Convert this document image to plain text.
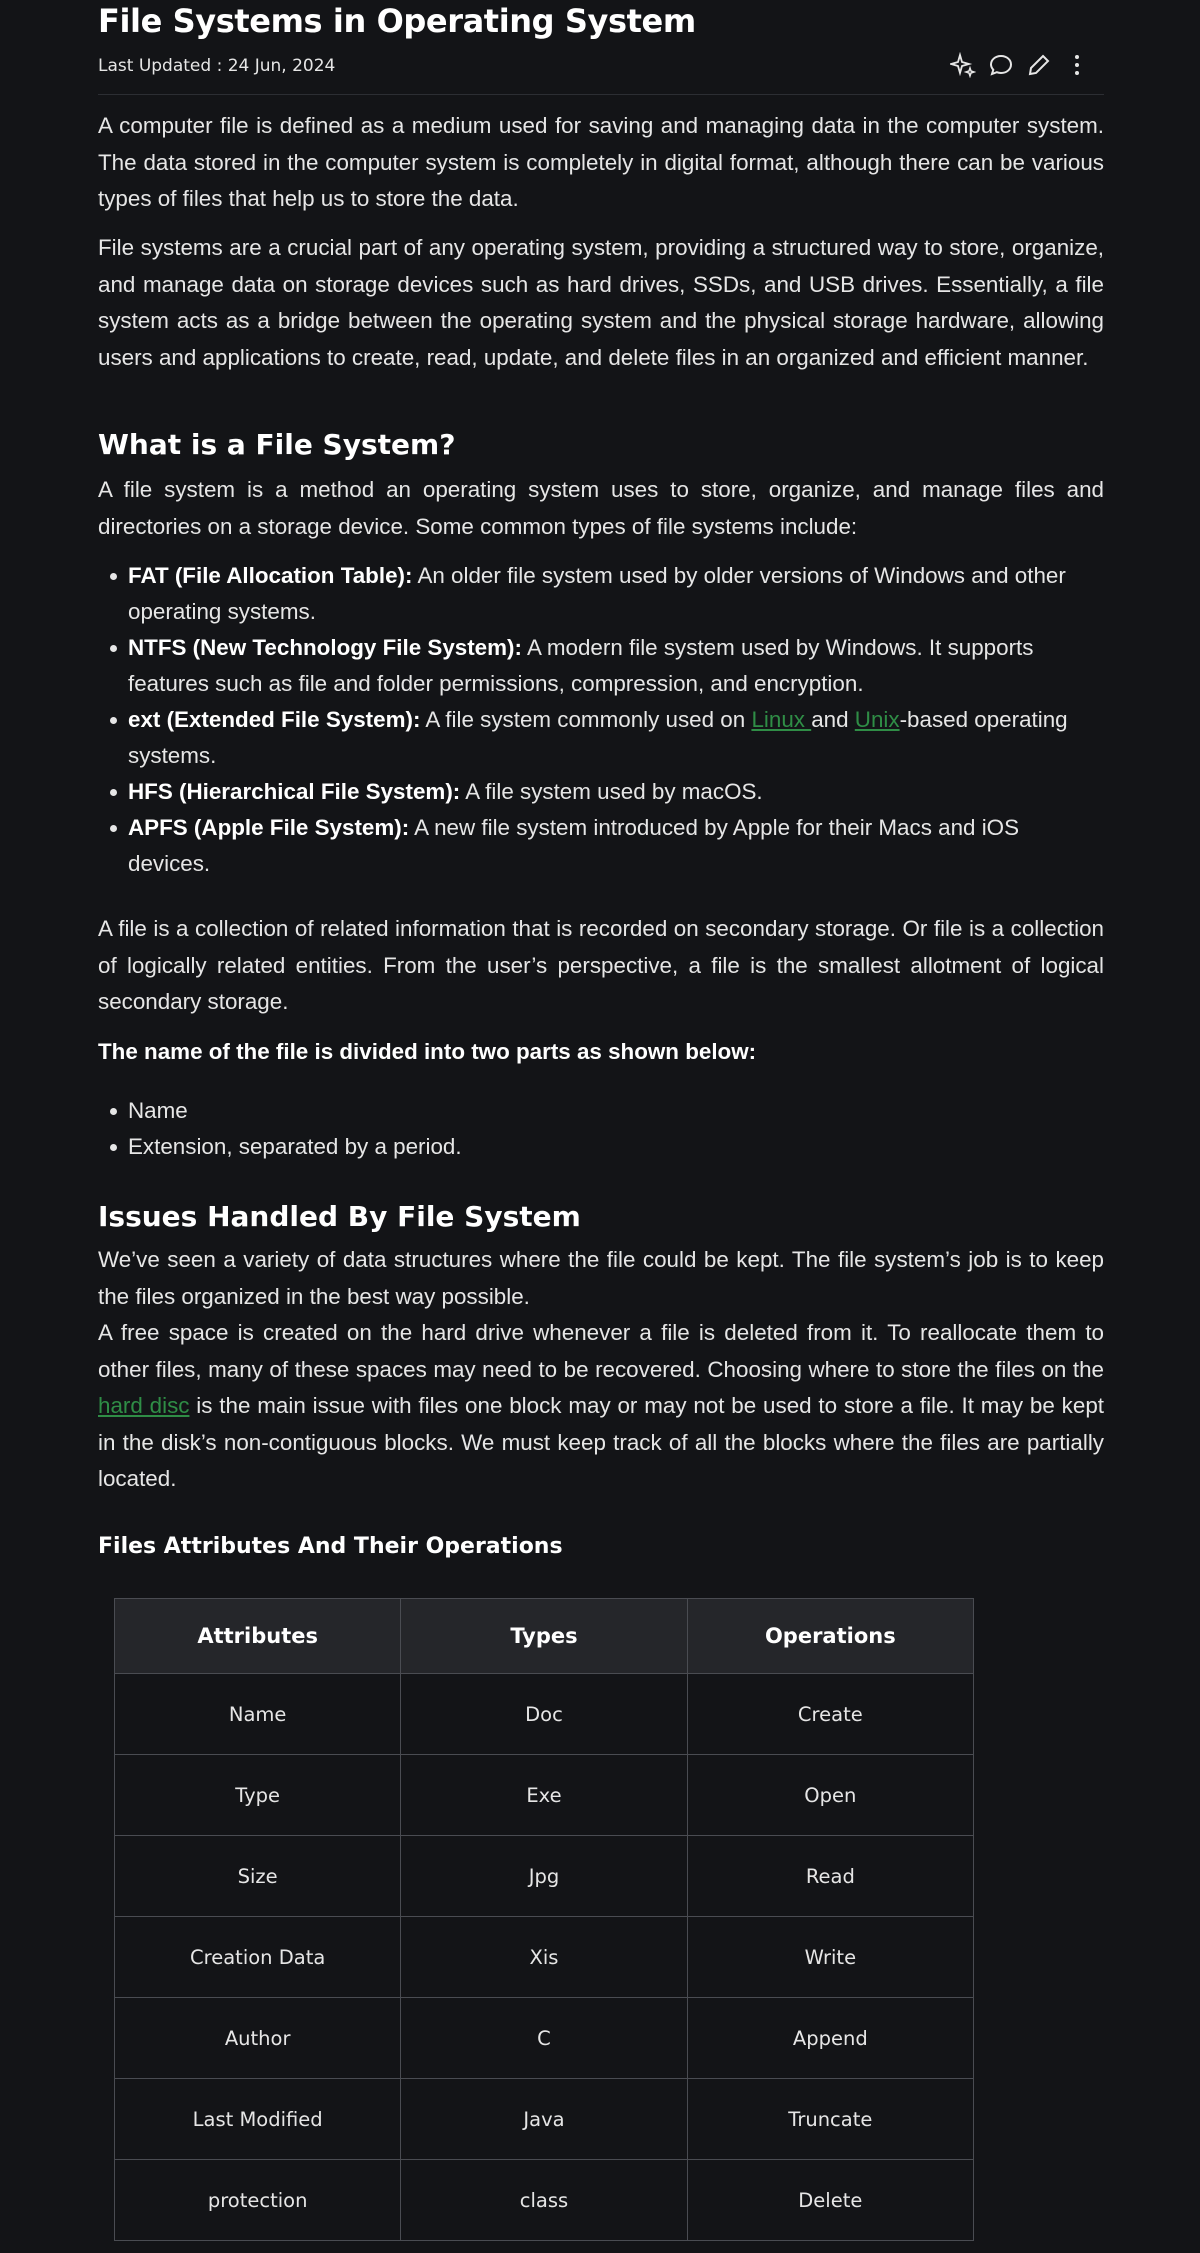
File Systems in Operating System
Last Updated : 24 Jun, 2024

A computer file is defined as a medium used for saving and managing data in the computer system. The data stored in the computer system is completely in digital format, although there can be various types of files that help us to store the data.

File systems are a crucial part of any operating system, providing a structured way to store, organize, and manage data on storage devices such as hard drives, SSDs, and USB drives. Essentially, a file system acts as a bridge between the operating system and the physical storage hardware, allowing users and applications to create, read, update, and delete files in an organized and efficient manner.

What is a File System?

A file system is a method an operating system uses to store, organize, and manage files and directories on a storage device. Some common types of file systems include:

FAT (File Allocation Table): An older file system used by older versions of Windows and other operating systems.
NTFS (New Technology File System): A modern file system used by Windows. It supports features such as file and folder permissions, compression, and encryption.
ext (Extended File System): A file system commonly used on Linux and Unix-based operating systems.
HFS (Hierarchical File System): A file system used by macOS.
APFS (Apple File System): A new file system introduced by Apple for their Macs and iOS devices.

A file is a collection of related information that is recorded on secondary storage. Or file is a collection of logically related entities. From the user’s perspective, a file is the smallest allotment of logical secondary storage.

The name of the file is divided into two parts as shown below:
Name
Extension, separated by a period.
Issues Handled By File System

We’ve seen a variety of data structures where the file could be kept. The file system’s job is to keep the files organized in the best way possible.

A free space is created on the hard drive whenever a file is deleted from it. To reallocate them to other files, many of these spaces may need to be recovered. Choosing where to store the files on the hard disc is the main issue with files one block may or may not be used to store a file. It may be kept in the disk’s non-contiguous blocks. We must keep track of all the blocks where the files are partially located.

Files Attributes And Their Operations
Attributes	Types	Operations
Name	Doc	Create
Type	Exe	Open
Size	Jpg	Read
Creation Data	Xis	Write
Author	C	Append
Last Modified	Java	Truncate
protection	class	Delete
